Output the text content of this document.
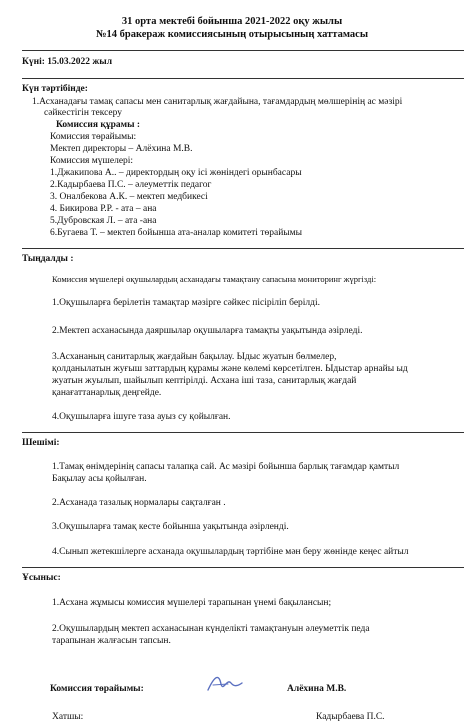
31 орта мектебі бойынша 2021-2022 оқу жылы
№14 бракераж комиссиясының отырысының хаттамасы
Күні: 15.03.2022 жыл
Күн тәртібінде:
1.Асханадағы тамақ сапасы мен санитарлық жағдайына, тағамдардың мөлшерінің ас мәзірі
сәйкестігін тексеру
Комиссия құрамы :
Комиссия төрайымы:
Мектеп директоры – Алёхина М.В.
Комиссия мүшелері:
1.Джакипова А.. – директордың оқу ісі жөніндегі орынбасары
2.Кадырбаева П.С. – әлеуметтік педагог
3. Оналбекова А.К. – мектеп медбикесі
4. Бикирова Р.Р. - ата – ана
5.Дубровская Л. – ата -ана
6.Бугаева Т. – мектеп бойынша ата-аналар комитеті төрайымы
Тыңдалды :
Комиссия мүшелері оқушылардың асханадағы тамақтану сапасына мониторинг жүргізді:
1.Оқушыларға берілетін тамақтар мәзірге сәйкес пісіріліп берілді.
2.Мектеп асханасында даяршылар оқушыларға тамақты уақытында әзірледі.
3.Асхананың санитарлық жағдайын бақылау. Ыдыс жуатын бөлмелер,
қолданылатын жуғыш заттардың құрамы және көлемі көрсетілген. Ыдыстар арнайы ыд
жуатын жуылып, шайылып кептірілді. Асхана іші таза, санитарлық жағдай
қанағаттанарлық деңгейде.
4.Оқушыларға ішуге таза ауыз су қойылған.
Шешімі:
1.Тамақ өнімдерінің сапасы талапқа сай. Ас мәзірі бойынша барлық тағамдар қамтыл
Бақылау асы қойылған.
2.Асханада тазалық нормалары сақталған .
3.Оқушыларға тамақ кесте бойынша уақытында әзірленді.
4.Сынып жетекшілерге асханада оқушылардың тәртібіне мән беру жөнінде кеңес айтыл
Ұсыныс:
1.Асхана жұмысы комиссия мүшелері тарапынан үнемі бақылансын;
2.Оқушылардың мектеп асханасынан күнделікті тамақтануын әлеуметтік педа
тарапынан жалғасын тапсын.
Комиссия төрайымы:	Алёхина М.В.
Хатшы:	Кадырбаева П.С.
